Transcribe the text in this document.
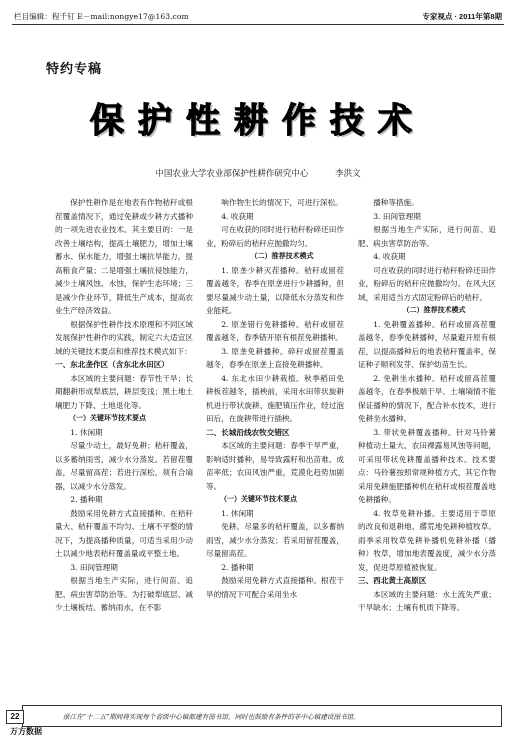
栏目编辑：程千钉 E－mail:nongye17@163.com	专家视点 · 2011年第8期
特约专稿
保护性耕作技术
中国农业大学农业部保护性耕作研究中心	李洪文
保护性耕作是在地表有作物秸秆或根茬覆盖情况下，通过免耕或少耕方式播种的一项先进农业技术。其主要目的：一是改善土壤结构，提高土壤肥力，增加土壤蓄水、保水能力，增强土壤抗旱能力，提高粮食产量；二是增强土壤抗侵蚀能力，减少土壤风蚀、水蚀，保护生态环境；三是减少作业环节，降低生产成本，提高农业生产经济效益。
根据保护性耕作技术原理和不同区域发展保护性耕作的实践，制定六大适宜区域的关键技术要点和推荐技术模式如下：
一、东北垄作区（含东北水田区）
本区域的主要问题：春节性干旱；长期翻耕形成犁底层，耕层变浅；黑土地土壤肥力下降、土地退化等。
（一）关键环节技术要点
1. 休闲期
尽量少动土，最好免耕；秸秆覆盖，以多蓄纳雨雪，减少水分蒸发。若留茬覆盖，尽量留高茬；若进行深松，须有合墒器，以减少水分蒸发。
2. 播种期
鼓励采用免耕方式直接播种。在秸秆量大、秸秆覆盖不均匀、土壤不平整的情况下，为提高播种质量，可适当采用少动土以减少地表秸秆覆盖量或平整土地。
3. 田间管理期
根据当地生产实际，进行间苗、追肥、病虫害草防治等。为打破犁底层、减少土壤板结、蓄纳雨水，在不影
响作物生长的情况下，可进行深松。
4. 收获期
可在收获的同时进行秸秆粉碎还田作业，粉碎后的秸秆应抛撒均匀。
（二）推荐技术模式
1. 原垄少耕灭茬播种。秸秆或留茬覆盖越冬，春季在原垄进行少耕播种，但要尽量减少动土量，以降低水分蒸发和作业能耗。
2. 原垄错行免耕播种。秸秆或留茬覆盖越冬，春季错开原有根茬免耕播种。
3. 原垄免耕播种。碎秆或留茬覆盖越冬，春季在原垄上直接免耕播种。
4. 东北水田少耕栽植。秋季稻田免耕板茬越冬，插秧前，采用水田带状旋耕机进行带状旋耕、施肥镇压作业，经过泡田后，在旋耕带进行插秧。
二、长城沿线农牧交错区
本区域的主要问题：春季干旱严重，影响适时播种，易导致露籽和出苗难、成苗率低；农田风蚀严重，荒漠化趋势加剧等。
（一）关键环节技术要点
1. 休闲期
免耕。尽量多的秸秆覆盖，以多蓄纳雨雪，减少水分蒸发；若采用留茬覆盖，尽量留高茬。
2. 播种期
鼓励采用免耕方式直接播种。根茬干旱的情况下可配合采用坐水
播种等措施。
3. 田间管理期
根据当地生产实际，进行间苗、追肥、病虫害草防治等。
4. 收获期
可在收获的同时进行秸秆粉碎还田作业，粉碎后的秸秆应抛撒均匀。在风大区域，采用适当方式固定粉碎后的秸秆。
（二）推荐技术模式
1. 免耕覆盖播种。秸秆或留高茬覆盖越冬，春季免耕播种，尽量避开原有根茬，以提高播种后的地表秸秆覆盖率，保证种子顺利发芽、保护幼苗生长。
2. 免耕坐水播种。秸秆或留高茬覆盖越冬，在春季极端干旱、土壤墒情不能保证播种的情况下，配合补水技术，进行免耕坐水播种。
3. 带状免耕覆盖播种。针对马铃薯种植动土量大、农田裸露易风蚀等问题，可采用带状免耕覆盖播种技术。技术要点：马铃薯按照常规种植方式，其它作物采用免耕施肥播种机在秸秆或根茬覆盖地免耕播种。
4. 牧草免耕补播。主要适用于草原的改良和退耕地、撂荒地免耕种植牧草。雨季采用牧草免耕补播机免耕补播（播种）牧草，增加地表覆盖度，减少水分蒸发，促进草原植被恢复。
三、西北黄土高原区
本区域的主要问题：水土流失严重；干旱缺水；土壤有机质下降等。
浙江在“十二五”期间将实现每个省级中心镇都建有图书馆，同时也鼓励有条件的非中心镇建设图书馆。
22
万方数据
